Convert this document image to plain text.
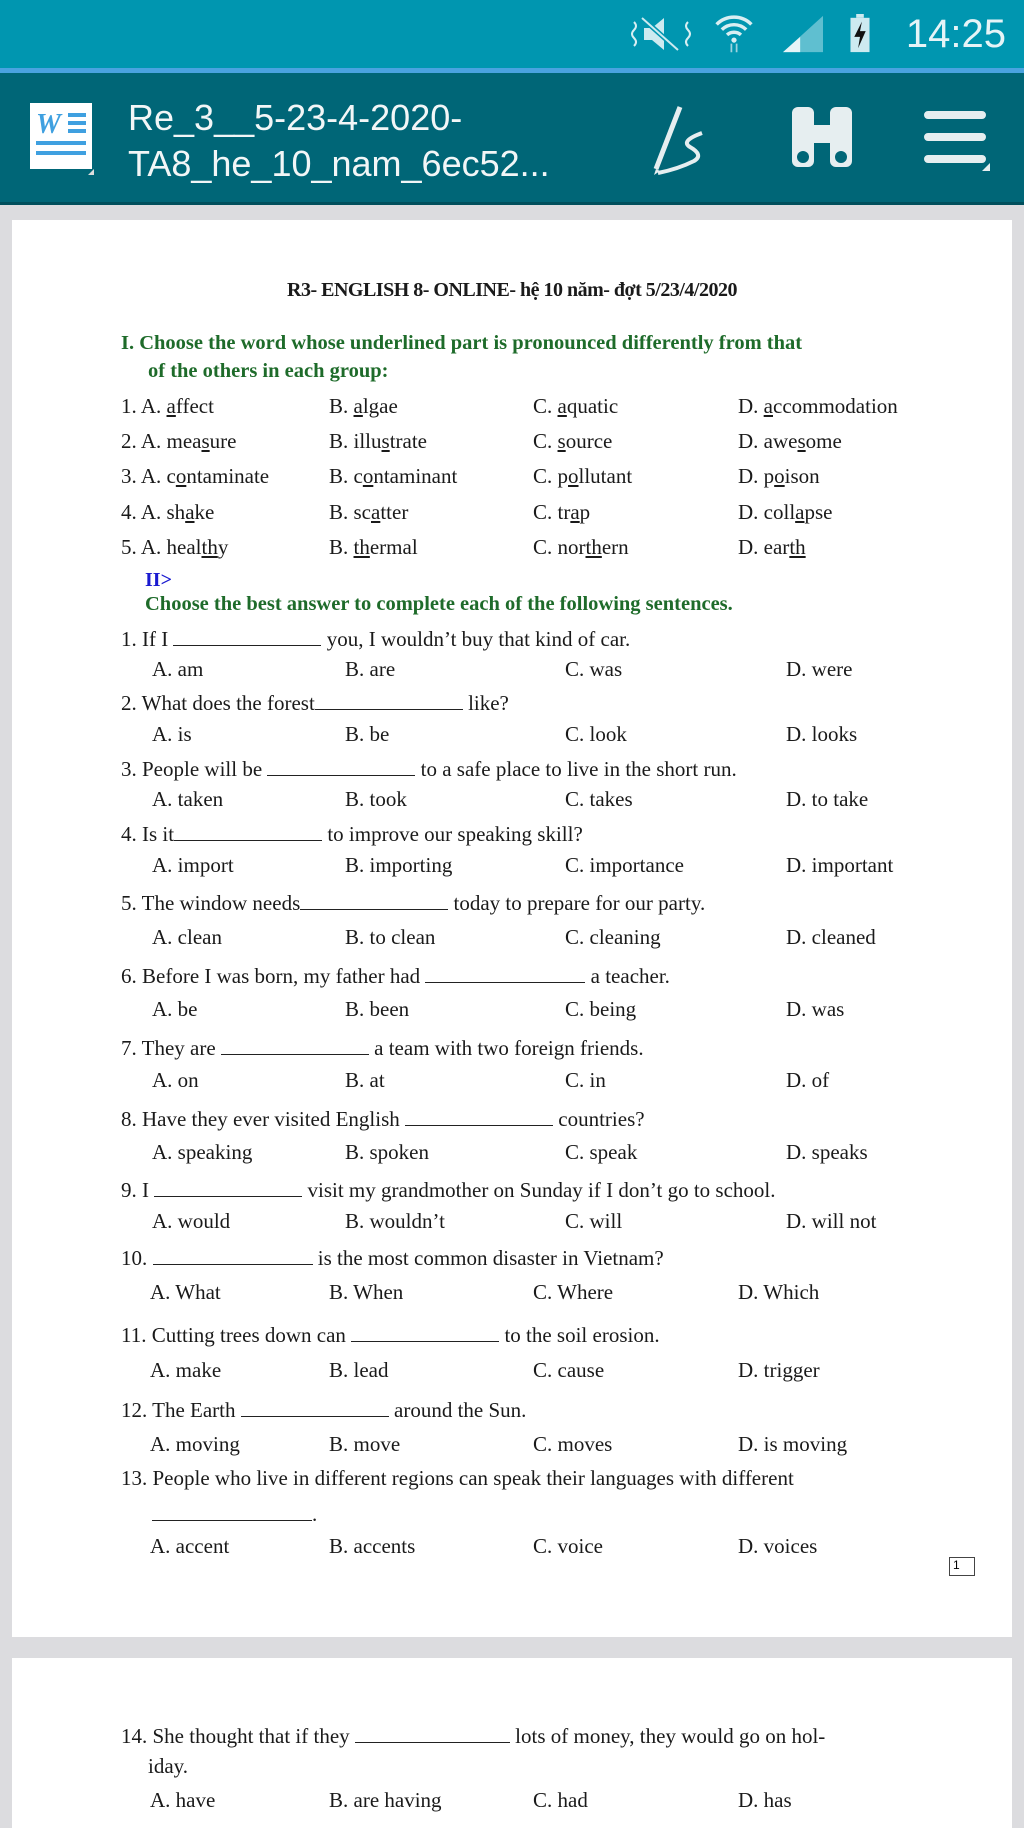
14:25
W Re_3__5-23-4-2020-
TA8_he_10_nam_6ec52...
R3- ENGLISH 8- ONLINE- hệ 10 năm- đợt 5/23/4/2020
I. Choose the word whose underlined part is pronounced differently from that
of the others in each group:
II>
Choose the best answer to complete each of the following sentences.
1
1. A. affect	B. algae	C. aquatic	D. accommodation
2. A. measure	B. illustrate	C. source	D. awesome
3. A. contaminate	B. contaminant	C. pollutant	D. poison
4. A. shake	B. scatter	C. trap	D. collapse
5. A. healthy	B. thermal	C. northern	D. earth
1. If I	you, I wouldn’t buy that kind of car.
A. am	B. are	C. was	D. were
2. What does the forest	like?
A. is	B. be	C. look	D. looks
3. People will be	to a safe place to live in the short run.
A. taken	B. took	C. takes	D. to take
4. Is it	to improve our speaking skill?
A. import	B. importing	C. importance	D. important
5. The window needs	today to prepare for our party.
A. clean	B. to clean	C. cleaning	D. cleaned
6. Before I was born, my father had	a teacher.
A. be	B. been	C. being	D. was
7. They are	a team with two foreign friends.
A. on	B. at	C. in	D. of
8. Have they ever visited English	countries?
A. speaking	B. spoken	C. speak	D. speaks
9. I	visit my grandmother on Sunday if I don’t go to school.
A. would	B. wouldn’t	C. will	D. will not
10.	is the most common disaster in Vietnam?
A. What	B. When	C. Where	D. Which
11. Cutting trees down can	to the soil erosion.
A. make	B. lead	C. cause	D. trigger
12. The Earth	around the Sun.
A. moving	B. move	C. moves	D. is moving
13. People who live in different regions can speak their languages with different
.
A. accent	B. accents	C. voice	D. voices
14. She thought that if they	lots of money, they would go on hol-
iday.
A. have	B. are having	C. had	D. has
